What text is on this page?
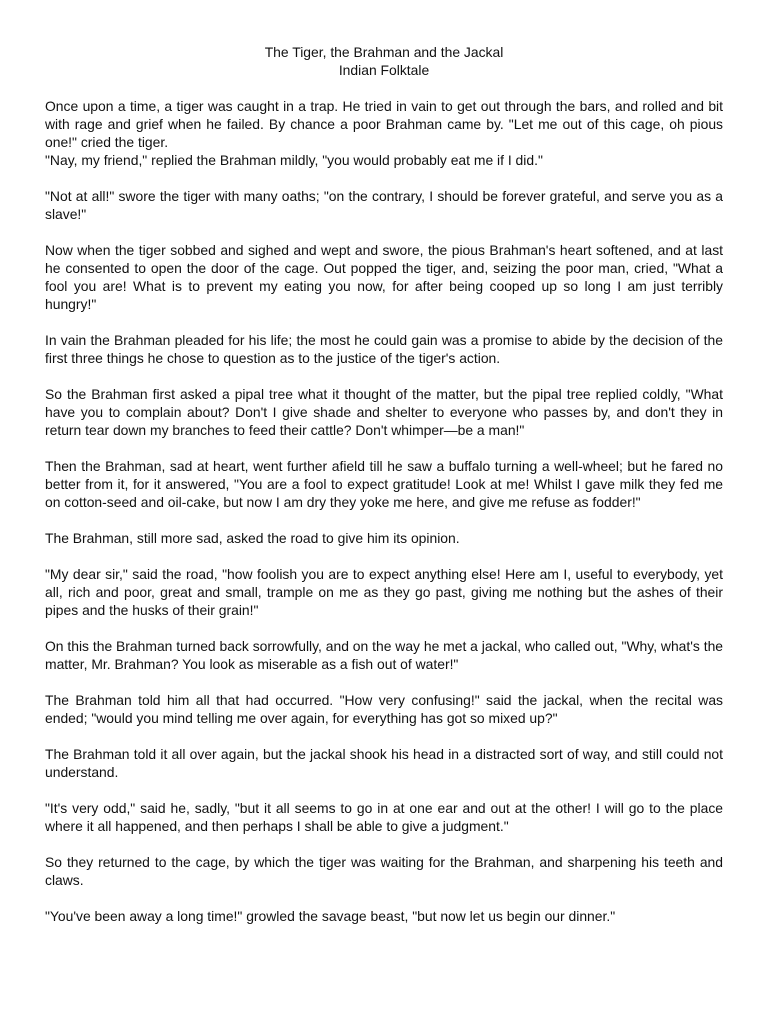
The Tiger, the Brahman and the Jackal
Indian Folktale

Once upon a time, a tiger was caught in a trap. He tried in vain to get out through the bars, and rolled and bit with rage and grief when he failed. By chance a poor Brahman came by. "Let me out of this cage, oh pious one!" cried the tiger.
"Nay, my friend," replied the Brahman mildly, "you would probably eat me if I did."

"Not at all!" swore the tiger with many oaths; "on the contrary, I should be forever grateful, and serve you as a slave!"

Now when the tiger sobbed and sighed and wept and swore, the pious Brahman's heart softened, and at last he consented to open the door of the cage. Out popped the tiger, and, seizing the poor man, cried, "What a fool you are! What is to prevent my eating you now, for after being cooped up so long I am just terribly hungry!"

In vain the Brahman pleaded for his life; the most he could gain was a promise to abide by the decision of the first three things he chose to question as to the justice of the tiger's action.

So the Brahman first asked a pipal tree what it thought of the matter, but the pipal tree replied coldly, "What have you to complain about? Don't I give shade and shelter to everyone who passes by, and don't they in return tear down my branches to feed their cattle? Don't whimper—be a man!"

Then the Brahman, sad at heart, went further afield till he saw a buffalo turning a well-wheel; but he fared no better from it, for it answered, "You are a fool to expect gratitude! Look at me! Whilst I gave milk they fed me on cotton-seed and oil-cake, but now I am dry they yoke me here, and give me refuse as fodder!"

The Brahman, still more sad, asked the road to give him its opinion.

"My dear sir," said the road, "how foolish you are to expect anything else! Here am I, useful to everybody, yet all, rich and poor, great and small, trample on me as they go past, giving me nothing but the ashes of their pipes and the husks of their grain!"

On this the Brahman turned back sorrowfully, and on the way he met a jackal, who called out, "Why, what's the matter, Mr. Brahman? You look as miserable as a fish out of water!"

The Brahman told him all that had occurred. "How very confusing!" said the jackal, when the recital was ended; "would you mind telling me over again, for everything has got so mixed up?"

The Brahman told it all over again, but the jackal shook his head in a distracted sort of way, and still could not understand.

"It's very odd," said he, sadly, "but it all seems to go in at one ear and out at the other! I will go to the place where it all happened, and then perhaps I shall be able to give a judgment."

So they returned to the cage, by which the tiger was waiting for the Brahman, and sharpening his teeth and claws.

"You've been away a long time!" growled the savage beast, "but now let us begin our dinner."
